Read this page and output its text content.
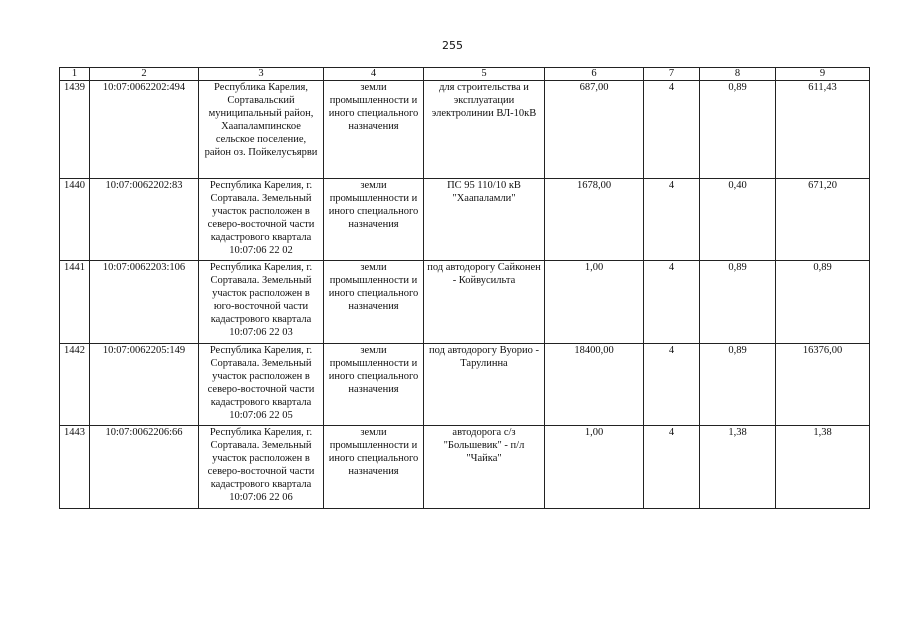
255
1	2	3	4	5	6	7	8	9
1439	10:07:0062202:494	Республика Карелия, Сортавальский муниципальный район, Хаапалампинское сельское поселение, район оз. Пойкелусъярви	земли промышленности и иного специального назначения	для строительства и эксплуатации электролинии ВЛ-10кВ	687,00	4	0,89	611,43
1440	10:07:0062202:83	Республика Карелия, г. Сортавала. Земельный участок расположен в северо-восточной части кадастрового квартала 10:07:06 22 02	земли промышленности и иного специального назначения	ПС 95 110/10 кВ "Хаапаламли"	1678,00	4	0,40	671,20
1441	10:07:0062203:106	Республика Карелия, г. Сортавала. Земельный участок расположен в юго-восточной части кадастрового квартала 10:07:06 22 03	земли промышленности и иного специального назначения	под автодорогу Сайконен - Койвусильта	1,00	4	0,89	0,89
1442	10:07:0062205:149	Республика Карелия, г. Сортавала. Земельный участок расположен в северо-восточной части кадастрового квартала 10:07:06 22 05	земли промышленности и иного специального назначения	под автодорогу Вуорио - Тарулинна	18400,00	4	0,89	16376,00
1443	10:07:0062206:66	Республика Карелия, г. Сортавала. Земельный участок расположен в северо-восточной части кадастрового квартала 10:07:06 22 06	земли промышленности и иного специального назначения	автодорога с/з "Большевик" - п/л "Чайка"	1,00	4	1,38	1,38
